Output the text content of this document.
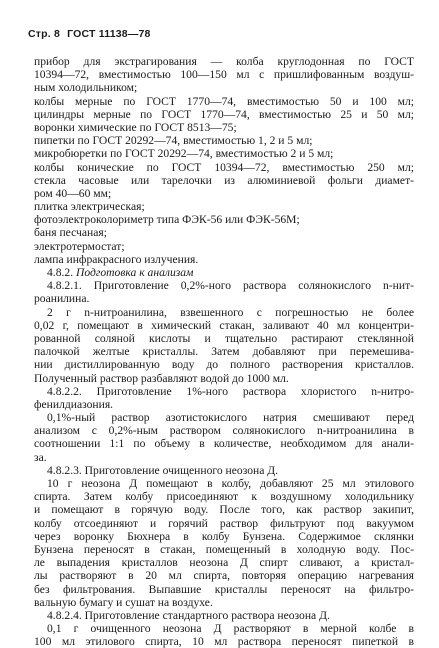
Стр. 8 ГОСТ 11138—78
прибор для экстрагирования — колба круглодонная по ГОСТ
10394—72, вместимостью 100—150 мл с пришлифованным воздуш-
ным холодильником;
колбы мерные по ГОСТ 1770—74, вместимостью 50 и 100 мл;
цилиндры мерные по ГОСТ 1770—74, вместимостью 25 и 50 мл;
воронки химические по ГОСТ 8513—75;
пипетки по ГОСТ 20292—74, вместимостью 1, 2 и 5 мл;
микробюретки по ГОСТ 20292—74, вместимостью 2 и 5 мл;
колбы конические по ГОСТ 10394—72, вместимостью 250 мл;
стекла часовые или тарелочки из алюминиевой фольги диамет-
ром 40—60 мм;
плитка электрическая;
фотоэлектроколориметр типа ФЭК-56 или ФЭК-56М;
баня песчаная;
электротермостат;
лампа инфракрасного излучения.
4.8.2. Подготовка к анализам
4.8.2.1. Приготовление 0,2%-ного раствора солянокислого n-нит-
роанилина.
2 г n-нитроанилина, взвешенного с погрешностью не более
0,02 г, помещают в химический стакан, заливают 40 мл концентри-
рованной соляной кислоты и тщательно растирают стеклянной
палочкой желтые кристаллы. Затем добавляют при перемешива-
нии дистиллированную воду до полного растворения кристаллов.
Полученный раствор разбавляют водой до 1000 мл.
4.8.2.2. Приготовление 1%-ного раствора хлористого n-нитро-
фенилдиазония.
0,1%-ный раствор азотистокислого натрия смешивают перед
анализом с 0,2%-ным раствором солянокислого n-нитроанилина в
соотношении 1:1 по объему в количестве, необходимом для анали-
за.
4.8.2.3. Приготовление очищенного неозона Д.
10 г неозона Д помещают в колбу, добавляют 25 мл этилового
спирта. Затем колбу присоединяют к воздушному холодильнику
и помещают в горячую воду. После того, как раствор закипит,
колбу отсоединяют и горячий раствор фильтруют под вакуумом
через воронку Бюхнера в колбу Бунзена. Содержимое склянки
Бунзена переносят в стакан, помещенный в холодную воду. Пос-
ле выпадения кристаллов неозона Д спирт сливают, а кристал-
лы растворяют в 20 мл спирта, повторяя операцию нагревания
без фильтрования. Выпавшие кристаллы переносят на фильтро-
вальную бумагу и сушат на воздухе.
4.8.2.4. Приготовление стандартного раствора неозона Д.
0,1 г очищенного неозона Д растворяют в мерной колбе в
100 мл этилового спирта, 10 мл раствора переносят пипеткой в
